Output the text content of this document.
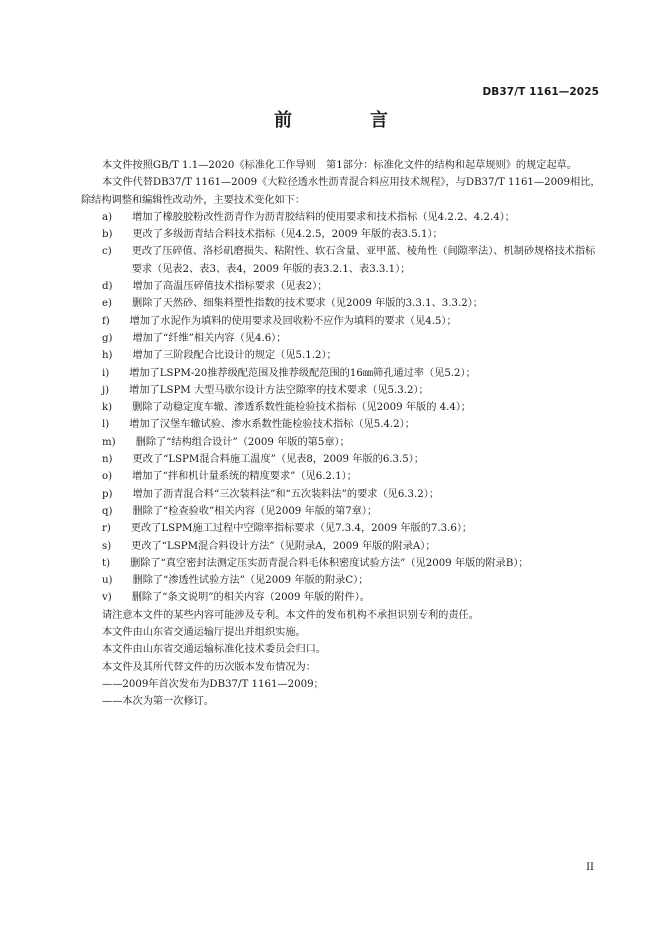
DB37/T 1161—2025
前　言

本文件按照GB/T 1.1—2020《标准化工作导则　第1部分：标准化文件的结构和起草规则》的规定起草。

本文件代替DB37/T 1161—2009《大粒径透水性沥青混合料应用技术规程》，与DB37/T 1161—2009相比，除结构调整和编辑性改动外，主要技术变化如下：

a)	增加了橡胶胶粉改性沥青作为沥青胶结料的使用要求和技术指标（见4.2.2、4.2.4）；
b)	更改了多级沥青结合料技术指标（见4.2.5，2009 年版的表3.5.1）；
c)	更改了压碎值、洛杉矶磨损失、粘附性、软石含量、亚甲蓝、棱角性（间隙率法）、机制砂规格技术指标要求（见表2、表3、表4，2009 年版的表3.2.1、表3.3.1）；
d)	增加了高温压碎值技术指标要求（见表2）；
e)	删除了天然砂、细集料塑性指数的技术要求（见2009 年版的3.3.1、3.3.2）；
f)	增加了水泥作为填料的使用要求及回收粉不应作为填料的要求（见4.5）；
g)	增加了“纤维”相关内容（见4.6）；
h)	增加了三阶段配合比设计的规定（见5.1.2）；
i)	增加了LSPM-20推荐级配范围及推荐级配范围的16㎜筛孔通过率（见5.2）；
j)	增加了LSPM 大型马歇尔设计方法空隙率的技术要求（见5.3.2）；
k)	删除了动稳定度车辙、渗透系数性能检验技术指标（见2009 年版的 4.4）；
l)	增加了汉堡车辙试验、渗水系数性能检验技术指标（见5.4.2）；
m)	删除了“结构组合设计”（2009 年版的第5章）；
n)	更改了“LSPM混合料施工温度”（见表8，2009 年版的6.3.5）；
o)	增加了“拌和机计量系统的精度要求”（见6.2.1）；
p)	增加了沥青混合料“三次装料法”和“五次装料法”的要求（见6.3.2）；
q)	删除了“检查验收”相关内容（见2009 年版的第7章）；
r)	更改了LSPM施工过程中空隙率指标要求（见7.3.4，2009 年版的7.3.6）；
s)	更改了“LSPM混合料设计方法”（见附录A，2009 年版的附录A）；
t)	删除了“真空密封法测定压实沥青混合料毛体积密度试验方法”（见2009 年版的附录B）；
u)	删除了“渗透性试验方法”（见2009 年版的附录C）；
v)	删除了“条文说明”的相关内容（2009 年版的附件）。

请注意本文件的某些内容可能涉及专利。本文件的发布机构不承担识别专利的责任。

本文件由山东省交通运输厅提出并组织实施。

本文件由山东省交通运输标准化技术委员会归口。

本文件及其所代替文件的历次版本发布情况为：

——2009年首次发布为DB37/T 1161—2009；

——本次为第一次修订。

II
